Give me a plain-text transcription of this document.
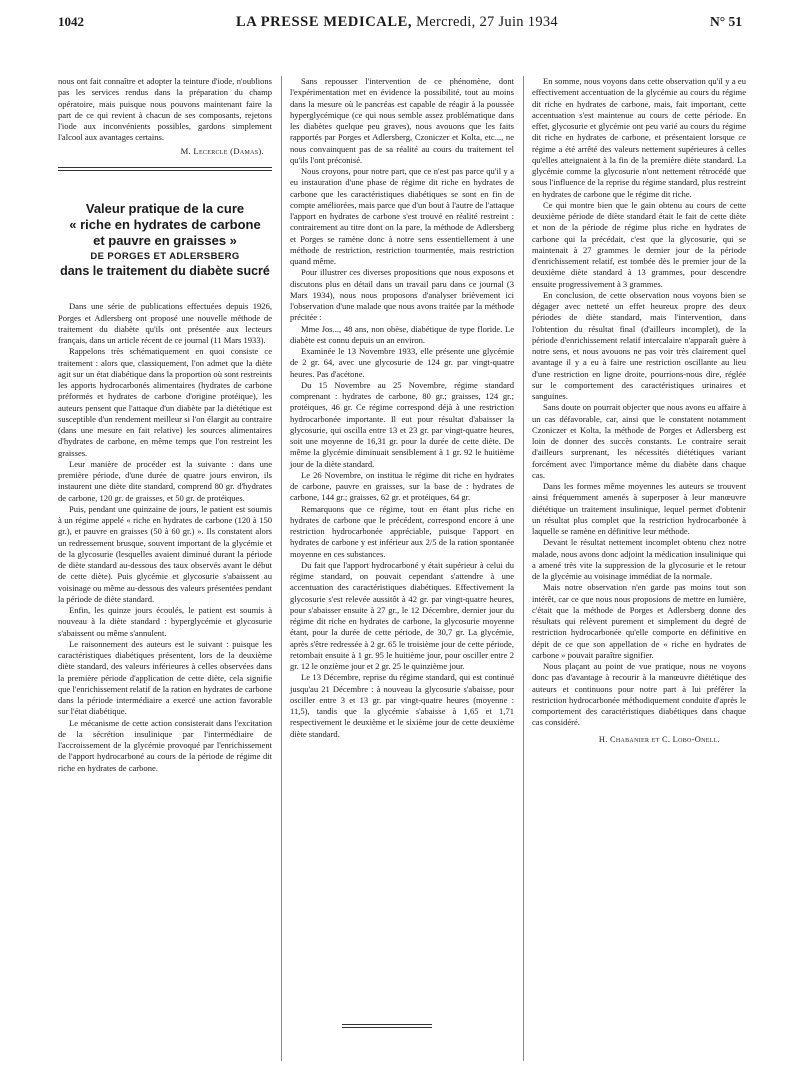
1042	LA PRESSE MEDICALE, Mercredi, 27 Juin 1934	N° 51

nous ont fait connaître et adopter la teinture d'iode, n'oublions pas les services rendus dans la préparation du champ opératoire, mais puisque nous pouvons maintenant faire la part de ce qui revient à chacun de ses composants, rejetons l'iode aux inconvénients possibles, gardons simplement l'alcool aux avantages certains.

M. Lecercle (Damas).
Valeur pratique de la cure
« riche en hydrates de carbone
et pauvre en graisses »
DE PORGES ET ADLERSBERG
dans le traitement du diabète sucré

Dans une série de publications effectuées depuis 1926, Porges et Adlersberg ont proposé une nouvelle méthode de traitement du diabète qu'ils ont présentée aux lecteurs français, dans un article récent de ce journal (11 Mars 1933).

Rappelons très schématiquement en quoi consiste ce traitement : alors que, classiquement, l'on admet que la diète agit sur un état diabétique dans la proportion où sont restreints les apports hydrocarbonés alimentaires (hydrates de carbone préformés et hydrates de carbone d'origine protéique), les auteurs pensent que l'attaque d'un diabète par la diététique est susceptible d'un rendement meilleur si l'on élargit au contraire (dans une mesure en fait relative) les sources alimentaires d'hydrates de carbone, en même temps que l'on restreint les graisses.

Leur manière de procéder est la suivante : dans une première période, d'une durée de quatre jours environ, ils instaurent une diète dite standard, comprend 80 gr. d'hydrates de carbone, 120 gr. de graisses, et 50 gr. de protéiques.

Puis, pendant une quinzaine de jours, le patient est soumis à un régime appelé « riche en hydrates de carbone (120 à 150 gr.), et pauvre en graisses (50 à 60 gr.) ». Ils constatent alors un redressement brusque, souvent important de la glycémie et de la glycosurie (lesquelles avaient diminué durant la période de diète standard au-dessous des taux observés avant le début de cette diète). Puis glycémie et glycosurie s'abaissent au voisinage ou même au-dessous des valeurs présentées pendant la période de diète standard.

Enfin, les quinze jours écoulés, le patient est soumis à nouveau à la diète standard : hyperglycémie et glycosurie s'abaissent ou même s'annulent.

Le raisonnement des auteurs est le suivant : puisque les caractéristiques diabétiques présentent, lors de la deuxième diète standard, des valeurs inférieures à celles observées dans la première période d'application de cette diète, cela signifie que l'enrichissement relatif de la ration en hydrates de carbone dans la période intermédiaire a exercé une action favorable sur l'état diabétique.

Le mécanisme de cette action consisterait dans l'excitation de la sécrétion insulinique par l'intermédiaire de l'accroissement de la glycémie provoqué par l'enrichissement de l'apport hydrocarboné au cours de la période de régime dit riche en hydrates de carbone.

Sans repousser l'intervention de ce phénomène, dont l'expérimentation met en évidence la possibilité, tout au moins dans la mesure où le pancréas est capable de réagir à la poussée hyperglycémique (ce qui nous semble assez problématique dans les diabètes quelque peu graves), nous avouons que les faits rapportés par Porges et Adlersberg, Czoniczer et Kolta, etc..., ne nous convainquent pas de sa réalité au cours du traitement tel qu'ils l'ont préconisé.

Nous croyons, pour notre part, que ce n'est pas parce qu'il y a eu instauration d'une phase de régime dit riche en hydrates de carbone que les caractéristiques diabétiques se sont en fin de compte améliorées, mais parce que d'un bout à l'autre de l'attaque l'apport en hydrates de carbone s'est trouvé en réalité restreint : contrairement au titre dont on la pare, la méthode de Adlersberg et Porges se ramène donc à notre sens essentiellement à une méthode de restriction, restriction tourmentée, mais restriction quand même.

Pour illustrer ces diverses propositions que nous exposons et discutons plus en détail dans un travail paru dans ce journal (3 Mars 1934), nous nous proposons d'analyser brièvement ici l'observation d'une malade que nous avons traitée par la méthode précitée :

Mme Jos..., 48 ans, non obèse, diabétique de type floride. Le diabète est connu depuis un an environ.

Examinée le 13 Novembre 1933, elle présente une glycémie de 2 gr. 64, avec une glycosurie de 124 gr. par vingt-quatre heures. Pas d'acétone.

Du 15 Novembre au 25 Novembre, régime standard comprenant : hydrates de carbone, 80 gr.; graisses, 124 gr.; protéiques, 46 gr. Ce régime correspond déjà à une restriction hydrocarbonée importante. Il eut pour résultat d'abaisser la glycosurie, qui oscilla entre 13 et 23 gr. par vingt-quatre heures, soit une moyenne de 16,31 gr. pour la durée de cette diète. De même la glycémie diminuait sensiblement à 1 gr. 92 le huitième jour de la diète standard.

Le 26 Novembre, on institua le régime dit riche en hydrates de carbone, pauvre en graisses, sur la base de : hydrates de carbone, 144 gr.; graisses, 62 gr. et protéiques, 64 gr.

Remarquons que ce régime, tout en étant plus riche en hydrates de carbone que le précédent, correspond encore à une restriction hydrocarbonée appréciable, puisque l'apport en hydrates de carbone y est inférieur aux 2/5 de la ration spontanée moyenne en ces substances.

Du fait que l'apport hydrocarboné y était supérieur à celui du régime standard, on pouvait cependant s'attendre à une accentuation des caractéristiques diabétiques. Effectivement la glycosurie s'est relevée aussitôt à 42 gr. par vingt-quatre heures, pour s'abaisser ensuite à 27 gr., le 12 Décembre, dernier jour du régime dit riche en hydrates de carbone, la glycosurie moyenne étant, pour la durée de cette période, de 30,7 gr. La glycémie, après s'être redressée à 2 gr. 65 le troisième jour de cette période, retombait ensuite à 1 gr. 95 le huitième jour, pour osciller entre 2 gr. 12 le onzième jour et 2 gr. 25 le quinzième jour.

Le 13 Décembre, reprise du régime standard, qui est continué jusqu'au 21 Décembre : à nouveau la glycosurie s'abaisse, pour osciller entre 3 et 13 gr. par vingt-quatre heures (moyenne : 11,5), tandis que la glycémie s'abaisse à 1,65 et 1,71 respectivement le deuxième et le sixième jour de cette deuxième diète standard.

En somme, nous voyons dans cette observation qu'il y a eu effectivement accentuation de la glycémie au cours du régime dit riche en hydrates de carbone, mais, fait important, cette accentuation s'est maintenue au cours de cette période. En effet, glycosurie et glycémie ont peu varié au cours du régime dit riche en hydrates de carbone, et présentaient lorsque ce régime a été arrêté des valeurs nettement supérieures à celles qu'elles atteignaient à la fin de la première diète standard. La glycémie comme la glycosurie n'ont nettement rétrocédé que sous l'influence de la reprise du régime standard, plus restreint en hydrates de carbone que le régime dit riche.

Ce qui montre bien que le gain obtenu au cours de cette deuxième période de diète standard était le fait de cette diète et non de la période de régime plus riche en hydrates de carbone qui la précédait, c'est que la glycosurie, qui se maintenait à 27 grammes le dernier jour de la période d'enrichissement relatif, est tombée dès le premier jour de la deuxième diète standard à 13 grammes, pour descendre ensuite progressivement à 3 grammes.

En conclusion, de cette observation nous voyons bien se dégager avec netteté un effet heureux propre des deux périodes de diète standard, mais l'intervention, dans l'obtention du résultat final (d'ailleurs incomplet), de la période d'enrichissement relatif intercalaire n'apparaît guère à notre sens, et nous avouons ne pas voir très clairement quel avantage il y a eu à faire une restriction oscillante au lieu d'une restriction en ligne droite, pourrions-nous dire, réglée sur le comportement des caractéristiques urinaires et sanguines.

Sans doute on pourrait objecter que nous avons eu affaire à un cas défavorable, car, ainsi que le constatent notamment Czoniczer et Kolta, la méthode de Porges et Adlersberg est loin de donner des succès constants. Le contraire serait d'ailleurs surprenant, les nécessités diététiques variant forcément avec l'importance même du diabète dans chaque cas.

Dans les formes même moyennes les auteurs se trouvent ainsi fréquemment amenés à superposer à leur manœuvre diététique un traitement insulinique, lequel permet d'obtenir un résultat plus complet que la restriction hydrocarbonée à laquelle se ramène en définitive leur méthode.

Devant le résultat nettement incomplet obtenu chez notre malade, nous avons donc adjoint la médication insulinique qui a amené très vite la suppression de la glycosurie et le retour de la glycémie au voisinage immédiat de la normale.

Mais notre observation n'en garde pas moins tout son intérêt, car ce que nous nous proposions de mettre en lumière, c'était que la méthode de Porges et Adlersberg donne des résultats qui relèvent purement et simplement du degré de restriction hydrocarbonée qu'elle comporte en définitive en dépit de ce que son appellation de « riche en hydrates de carbone » pouvait paraître signifier.

Nous plaçant au point de vue pratique, nous ne voyons donc pas d'avantage à recourir à la manœuvre diététique des auteurs et continuons pour notre part à lui préférer la restriction hydrocarbonée méthodiquement conduite d'après le comportement des caractéristiques diabétiques dans chaque cas considéré.

H. Chabanier et C. Lobo-Onell.
